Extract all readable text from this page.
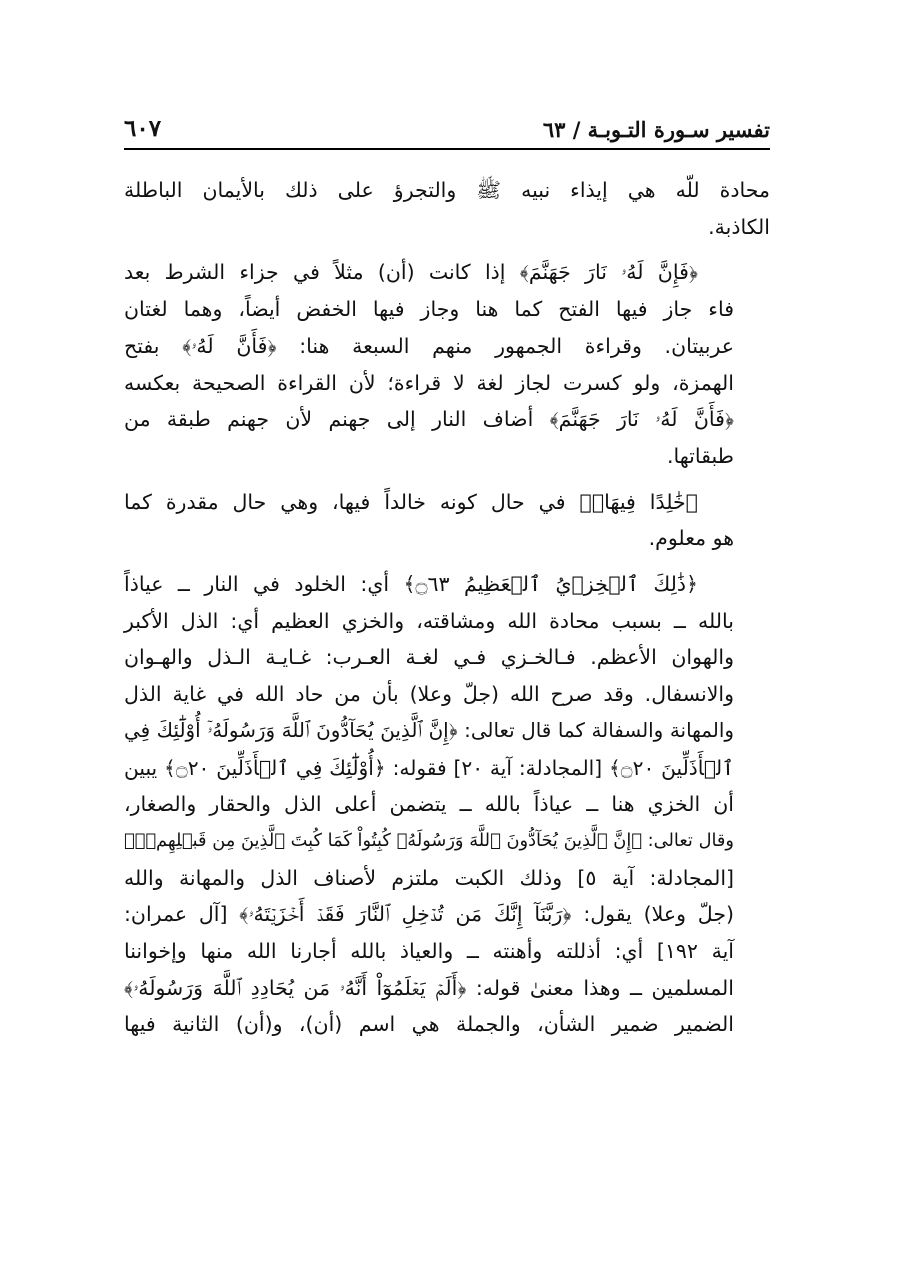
تفسير سـورة التـوبـة / ٦٣
٦٠٧

محادة للّه هي إيذاء نبيه ﷺ والتجرؤ على ذلك بالأيمان الباطلة
الكاذبة.

﴿فَإِنَّ لَهُۥ نَارَ جَهَنَّمَ﴾ إذا كانت (أن) مثلاً في جزاء الشرط بعد
فاء جاز فيها الفتح كما هنا وجاز فيها الخفض أيضاً، وهما لغتان
عربيتان. وقراءة الجمهور منهم السبعة هنا: ﴿فَأَنَّ لَهُۥ﴾ بفتح
الهمزة، ولو كسرت لجاز لغة لا قراءة؛ لأن القراءة الصحيحة بعكسه
﴿فَأَنَّ لَهُۥ نَارَ جَهَنَّمَ﴾ أضاف النار إلى جهنم لأن جهنم طبقة من
طبقاتها.

﴿خَٰلِدًا فِيهَاۚ﴾ في حال كونه خالداً فيها، وهي حال مقدرة كما
هو معلوم.

﴿ذَٰلِكَ ٱلۡخِزۡيُ ٱلۡعَظِيمُ ۝٦٣﴾ أي: الخلود في النار ــ عياذاً
بالله ــ بسبب محادة الله ومشاقته، والخزي العظيم أي: الذل الأكبر
والهوان الأعظم. فـالخـزي فـي لغـة العـرب: غـايـة الـذل والهـوان
والانسفال. وقد صرح الله (جلّ وعلا) بأن من حاد الله في غاية الذل
والمهانة والسفالة كما قال تعالى: ﴿إِنَّ ٱلَّذِينَ يُحَآدُّونَ ٱللَّهَ وَرَسُولَهُۥٓ أُوْلَٰٓئِكَ فِي
ٱلۡأَذَلِّينَ ۝٢٠﴾ [المجادلة: آية ٢٠] فقوله: ﴿أُوْلَٰٓئِكَ فِي ٱلۡأَذَلِّينَ ۝٢٠﴾ يبين
أن الخزي هنا ــ عياذاً بالله ــ يتضمن أعلى الذل والحقار والصغار،
وقال تعالى: ﴿إِنَّ ٱلَّذِينَ يُحَآدُّونَ ٱللَّهَ وَرَسُولَهُۥ كُبِتُواْ كَمَا كُبِتَ ٱلَّذِينَ مِن قَبۡلِهِمۡۚ﴾
[المجادلة: آية ٥] وذلك الكبت ملتزم لأصناف الذل والمهانة والله
(جلّ وعلا) يقول: ﴿رَبَّنَآ إِنَّكَ مَن تُدۡخِلِ ٱلنَّارَ فَقَدۡ أَخۡزَيۡتَهُۥ﴾ [آل عمران:
آية ١٩٢] أي: أذللته وأهنته ــ والعياذ بالله أجارنا الله منها وإخواننا
المسلمين ــ وهذا معنىٰ قوله: ﴿أَلَمۡ يَعۡلَمُوٓاْ أَنَّهُۥ مَن يُحَادِدِ ٱللَّهَ وَرَسُولَهُۥ﴾
الضمير ضمير الشأن، والجملة هي اسم (أن)، و(أن) الثانية فيها
